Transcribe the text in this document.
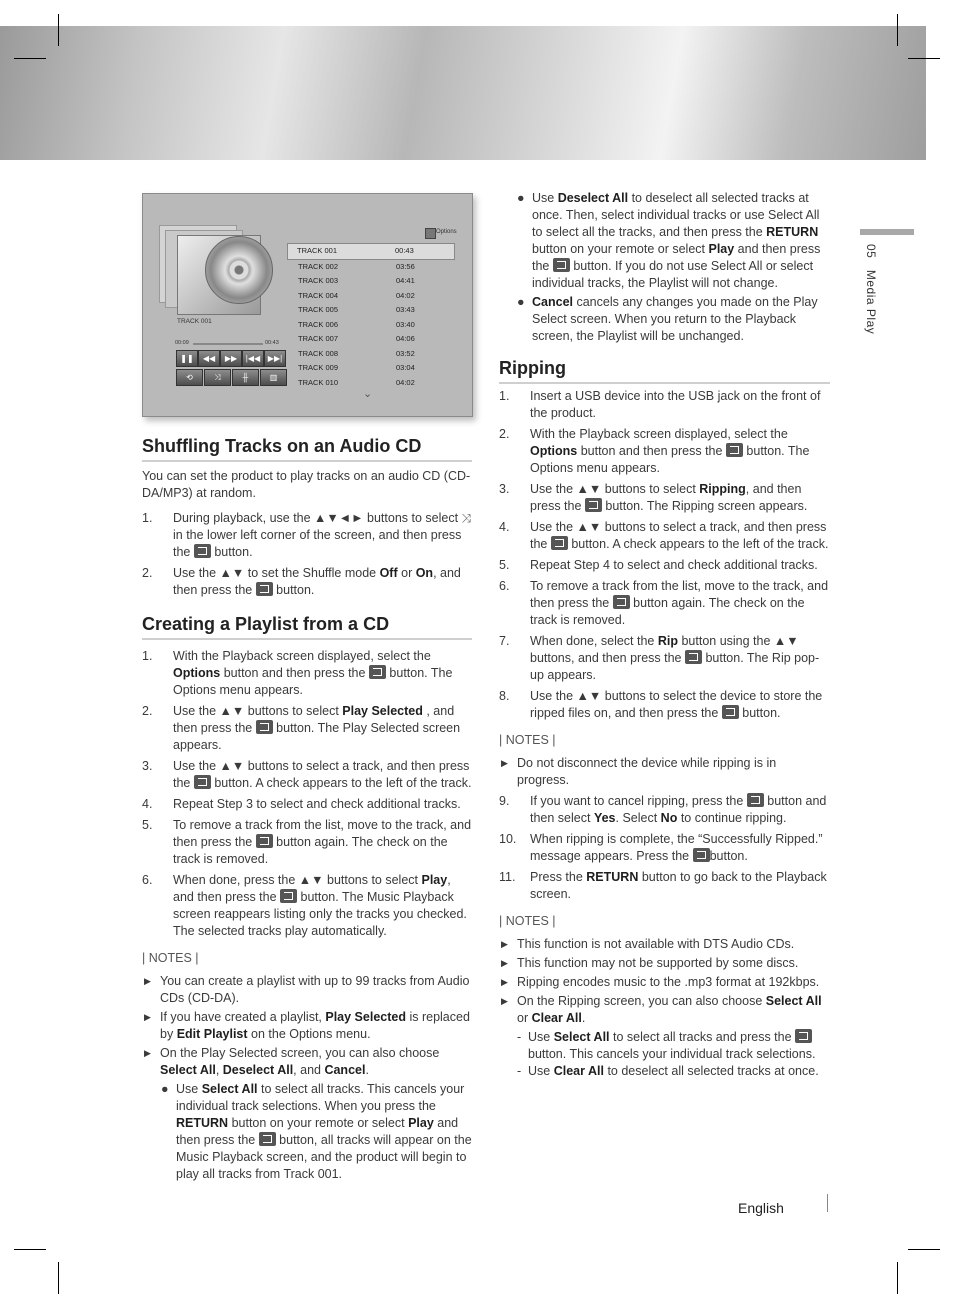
05   Media Play
TRACK 001
00:09	00:43
❚❚	◀◀	▶▶	|◀◀ ▶▶|
⟲	⤨	╫	▥
Options
TRACK 001	00:43
TRACK 002	03:56
TRACK 003	04:41
TRACK 004	04:02
TRACK 005	03:43
TRACK 006	03:40
TRACK 007	04:06
TRACK 008	03:52
TRACK 009	03:04
TRACK 010	04:02
⌄
Shuffling Tracks on an Audio CD
You can set the product to play tracks on an audio CD (CD-DA/MP3) at random.
1. During playback, use the ▲▼◄► buttons to select ⤨ in the lower left corner of the screen, and then press the  button.
2. Use the ▲▼ to set the Shuffle mode Off or On, and then press the  button.
Creating a Playlist from a CD
1. With the Playback screen displayed, select the Options button and then press the  button. The Options menu appears.
2. Use the ▲▼ buttons to select Play Selected , and then press the  button. The Play Selected screen appears.
3. Use the ▲▼ buttons to select a track, and then press the  button. A check appears to the left of the track.
4. Repeat Step 3 to select and check additional tracks.
5. To remove a track from the list, move to the track, and then press the  button again. The check on the track is removed.
6. When done, press the ▲▼ buttons to select Play, and then press the  button. The Music Playback screen reappears listing only the tracks you checked. The selected tracks play automatically.
| NOTES |
▶ You can create a playlist with up to 99 tracks from Audio CDs (CD-DA).
▶ If you have created a playlist, Play Selected is replaced by Edit Playlist on the Options menu.
▶ On the Play Selected screen, you can also choose Select All, Deselect All, and Cancel.
● Use Select All to select all tracks. This cancels your individual track selections. When you press the RETURN button on your remote or select Play and then press the  button, all tracks will appear on the Music Playback screen, and the product will begin to play all tracks from Track 001.
● Use Deselect All to deselect all selected tracks at once. Then, select individual tracks or use Select All to select all the tracks, and then press the RETURN button on your remote or select Play and then press the  button. If you do not use Select All or select individual tracks, the Playlist will not change.
● Cancel cancels any changes you made on the Play Select screen. When you return to the Playback screen, the Playlist will be unchanged.
Ripping
1. Insert a USB device into the USB jack on the front of the product.
2. With the Playback screen displayed, select the Options button and then press the  button. The Options menu appears.
3. Use the ▲▼ buttons to select Ripping, and then press the  button. The Ripping screen appears.
4. Use the ▲▼ buttons to select a track, and then press the  button. A check appears to the left of the track.
5. Repeat Step 4 to select and check additional tracks.
6. To remove a track from the list, move to the track, and then press the  button again. The check on the track is removed.
7. When done, select the Rip button using the ▲▼ buttons, and then press the  button. The Rip pop-up appears.
8. Use the ▲▼ buttons to select the device to store the ripped files on, and then press the  button.
| NOTES |
▶ Do not disconnect the device while ripping is in progress.
9. If you want to cancel ripping, press the  button and then select Yes. Select No to continue ripping.
10. When ripping is complete, the “Successfully Ripped.” message appears. Press the button.
11. Press the RETURN button to go back to the Playback screen.
| NOTES |
▶ This function is not available with DTS Audio CDs.
▶ This function may not be supported by some discs.
▶ Ripping encodes music to the .mp3 format at 192kbps.
▶ On the Ripping screen, you can also choose Select All or Clear All.
- Use Select All to select all tracks and press the  button. This cancels your individual track selections.
- Use Clear All to deselect all selected tracks at once.
English
